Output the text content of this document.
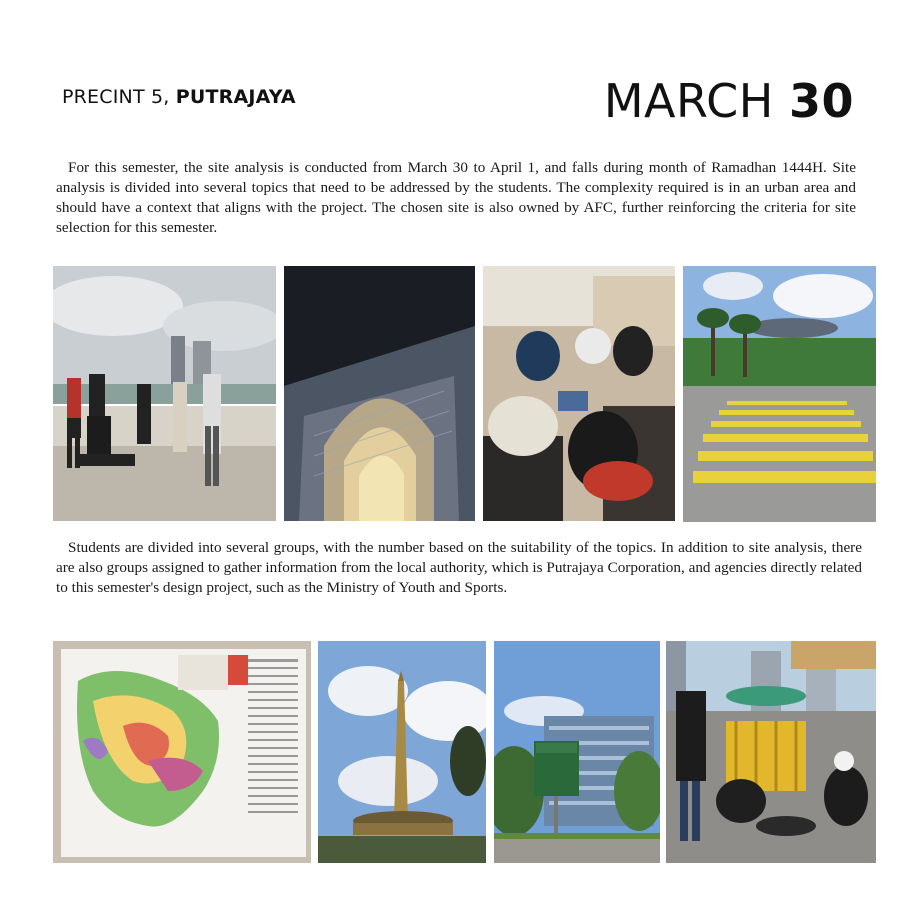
PRECINT 5, PUTRAJAYA	MARCH 30

For this semester, the site analysis is conducted from March 30 to April 1, and falls during month of Ramadhan 1444H. Site analysis is divided into several topics that need to be addressed by the students. The complexity required is in an urban area and should have a context that aligns with the project. The chosen site is also owned by AFC, further reinforcing the criteria for site selection for this semester.

Students are divided into several groups, with the number based on the suitability of the topics. In addition to site analysis, there are also groups assigned to gather information from the local authority, which is Putrajaya Corporation, and agencies directly related to this semester's design project, such as the Ministry of Youth and Sports.
